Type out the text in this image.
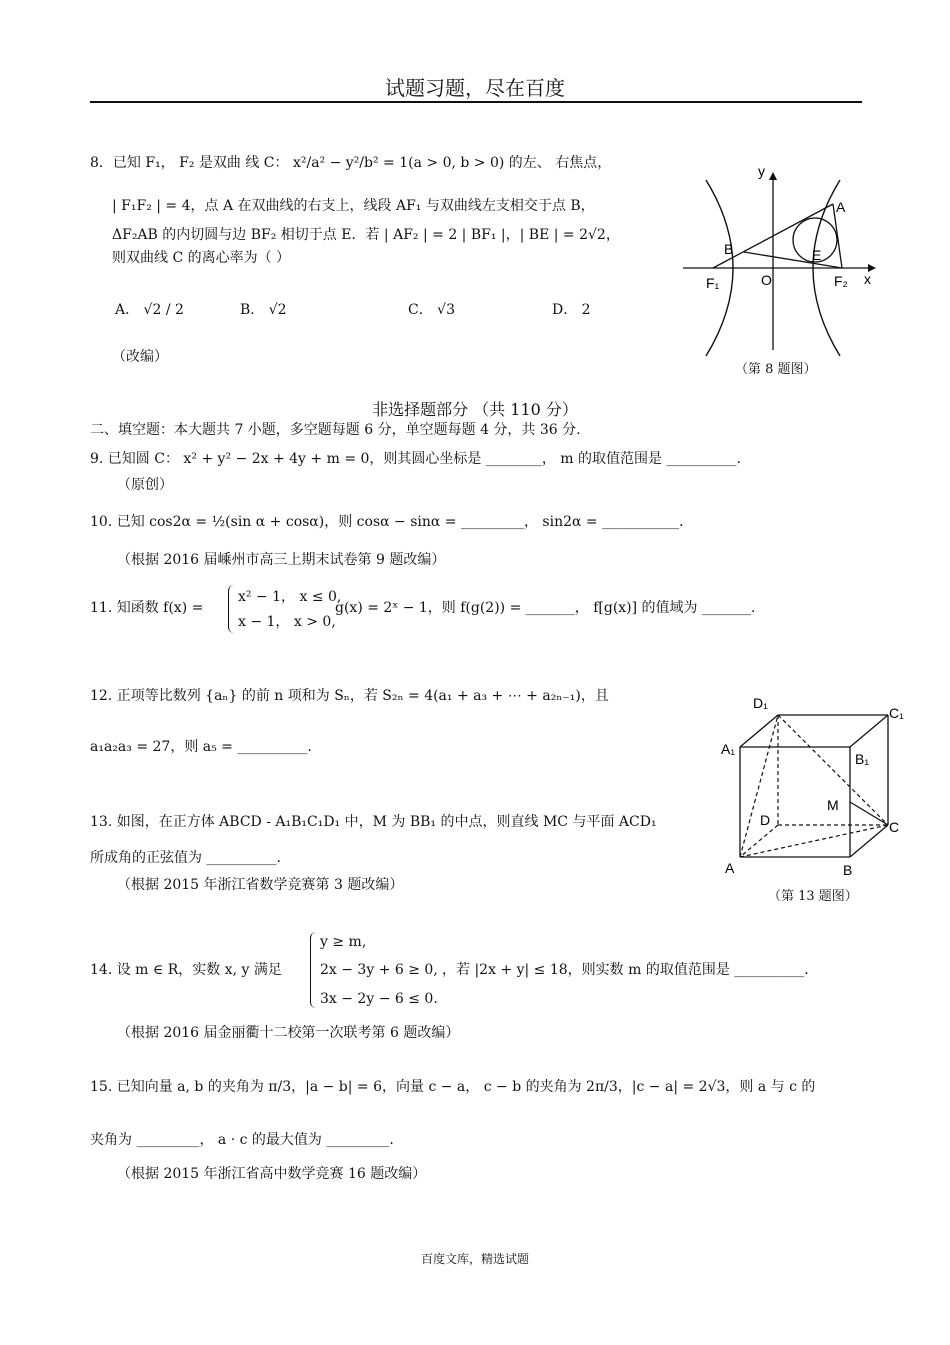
试题习题，尽在百度
8．已知 F₁， F₂ 是双曲 线 C： x²/a² − y²/b² = 1(a > 0, b > 0) 的左、 右焦点，
| F₁F₂ | = 4，点 A 在双曲线的右支上，线段 AF₁ 与双曲线左支相交于点 B，
ΔF₂AB 的内切圆与边 BF₂ 相切于点 E．若 | AF₂ | = 2 | BF₁ |，| BE | = 2√2，
则双曲线 C 的离心率为（ ）
A． √2 / 2	B． √2	C． √3	D． 2
（改编）
y
x
A
B	E
O
F₁	F₂
（第 8 题图）
非选择题部分 （共 110 分）
二、填空题：本大题共 7 小题，多空题每题 6 分，单空题每题 4 分，共 36 分.
9. 已知圆 C： x² + y² − 2x + 4y + m = 0，则其圆心坐标是 ________， m 的取值范围是 __________.
（原创）
10. 已知 cos2α = ½(sin α + cosα)，则 cosα − sinα = _________， sin2α = ___________．
（根据 2016 届嵊州市高三上期末试卷第 9 题改编）
11. 知函数 f(x) =
x² − 1， x ≤ 0,
x − 1， x > 0,
g(x) = 2ˣ − 1，则 f(g(2)) = _______， f[g(x)] 的值域为 _______．
12. 正项等比数列 {aₙ} 的前 n 项和为 Sₙ，若 S₂ₙ = 4(a₁ + a₃ + ⋯ + a₂ₙ₋₁)，且
a₁a₂a₃ = 27，则 a₅ = __________.
13. 如图，在正方体 ABCD - A₁B₁C₁D₁ 中，M 为 BB₁ 的中点，则直线 MC 与平面 ACD₁
所成角的正弦值为 __________.
（根据 2015 年浙江省数学竞赛第 3 题改编）
D₁
C₁
A₁
B₁
M
D	C
A	B
（第 13 题图）
14. 设 m ∈ R，实数 x, y 满足
y ≥ m,
2x − 3y + 6 ≥ 0,
3x − 2y − 6 ≤ 0.
，若 |2x + y| ≤ 18，则实数 m 的取值范围是 __________．
（根据 2016 届金丽衢十二校第一次联考第 6 题改编）
15. 已知向量 a, b 的夹角为 π/3，|a − b| = 6，向量 c − a， c − b 的夹角为 2π/3，|c − a| = 2√3，则 a 与 c 的
夹角为 _________， a · c 的最大值为 _________.
（根据 2015 年浙江省高中数学竞赛 16 题改编）
百度文库，精选试题
